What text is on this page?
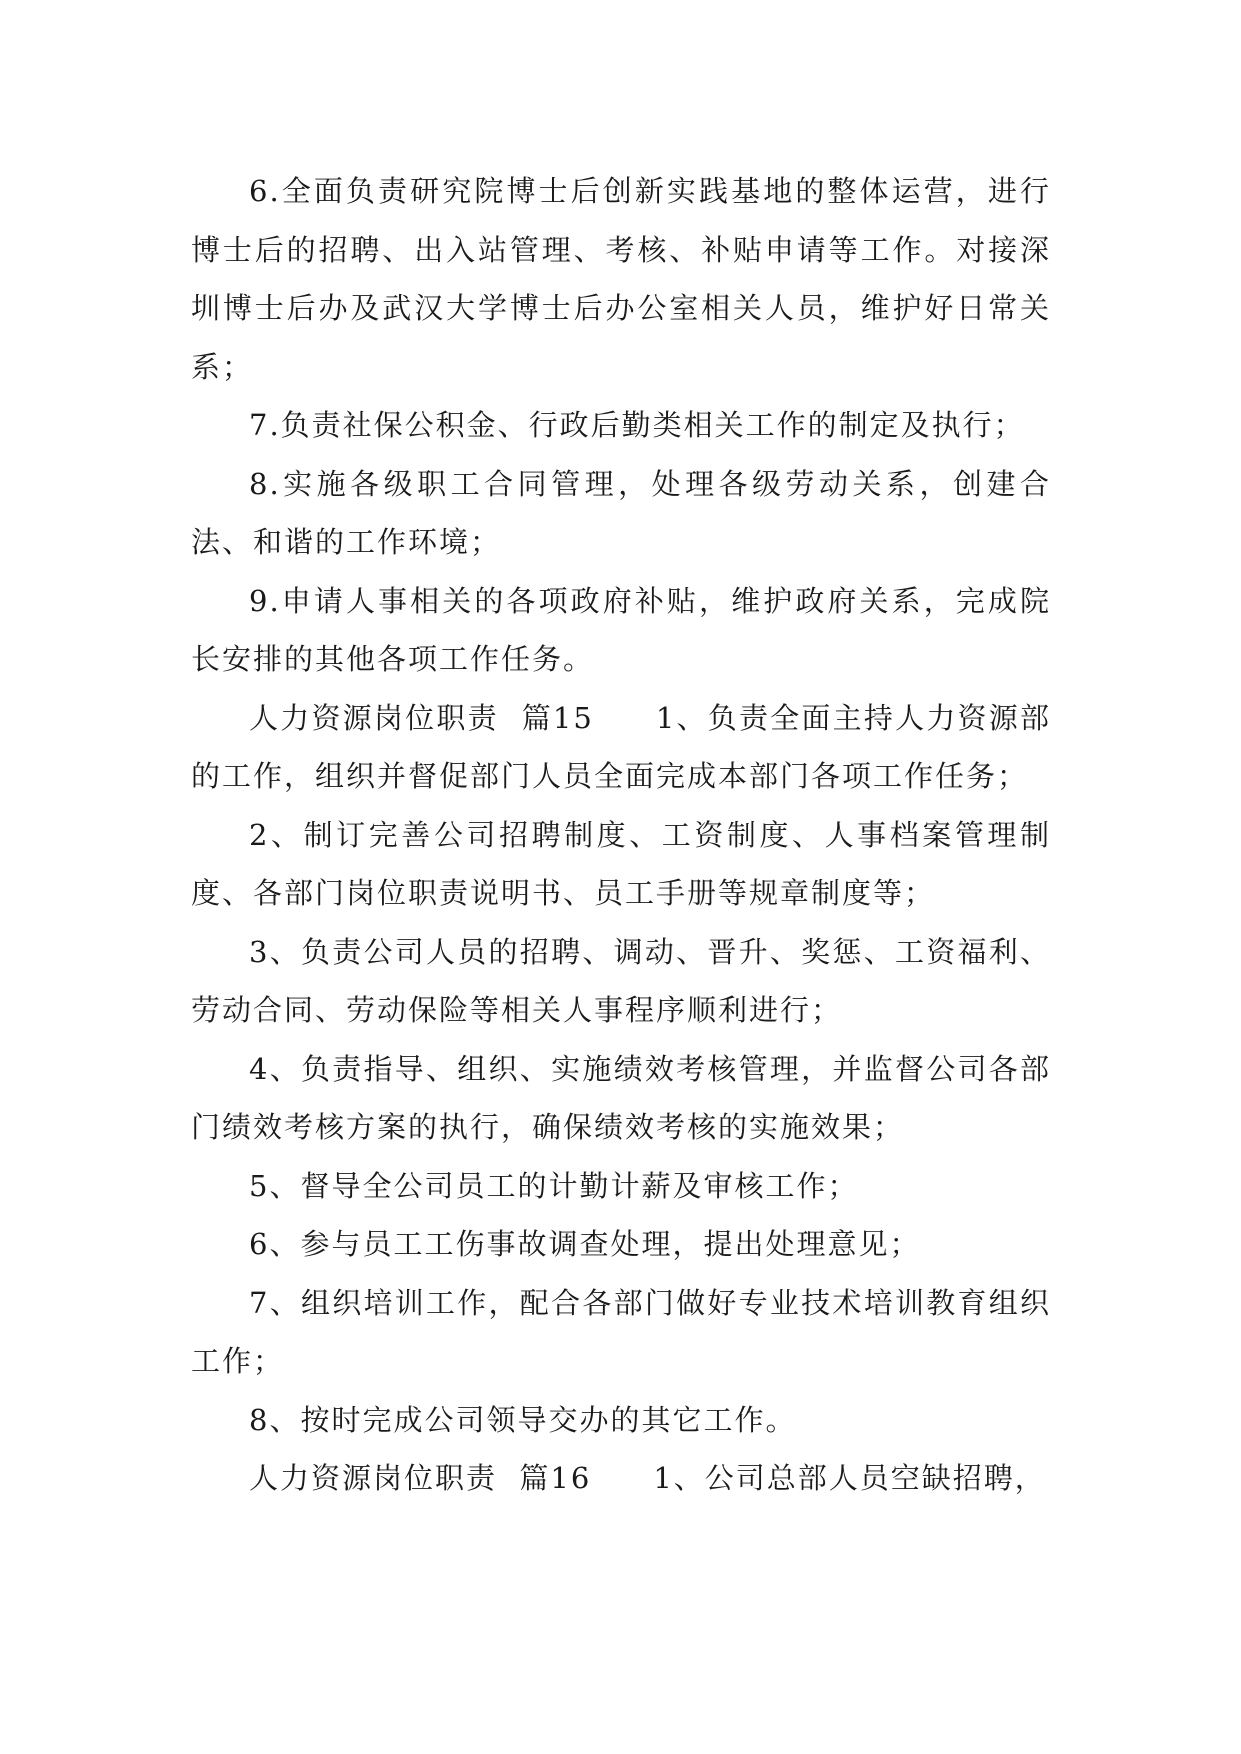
6.全面负责研究院博士后创新实践基地的整体运营，进行博士后的招聘、出入站管理、考核、补贴申请等工作。对接深圳博士后办及武汉大学博士后办公室相关人员，维护好日常关系；

7.负责社保公积金、行政后勤类相关工作的制定及执行；

8.实施各级职工合同管理，处理各级劳动关系，创建合法、和谐的工作环境；

9.申请人事相关的各项政府补贴，维护政府关系，完成院长安排的其他各项工作任务。

人力资源岗位职责  篇15 1、负责全面主持人力资源部的工作，组织并督促部门人员全面完成本部门各项工作任务；

2、制订完善公司招聘制度、工资制度、人事档案管理制度、各部门岗位职责说明书、员工手册等规章制度等；

3、负责公司人员的招聘、调动、晋升、奖惩、工资福利、劳动合同、劳动保险等相关人事程序顺利进行；

4、负责指导、组织、实施绩效考核管理，并监督公司各部门绩效考核方案的执行，确保绩效考核的实施效果；

5、督导全公司员工的计勤计薪及审核工作；

6、参与员工工伤事故调查处理，提出处理意见；

7、组织培训工作，配合各部门做好专业技术培训教育组织工作；

8、按时完成公司领导交办的其它工作。

人力资源岗位职责  篇16 1、公司总部人员空缺招聘，
